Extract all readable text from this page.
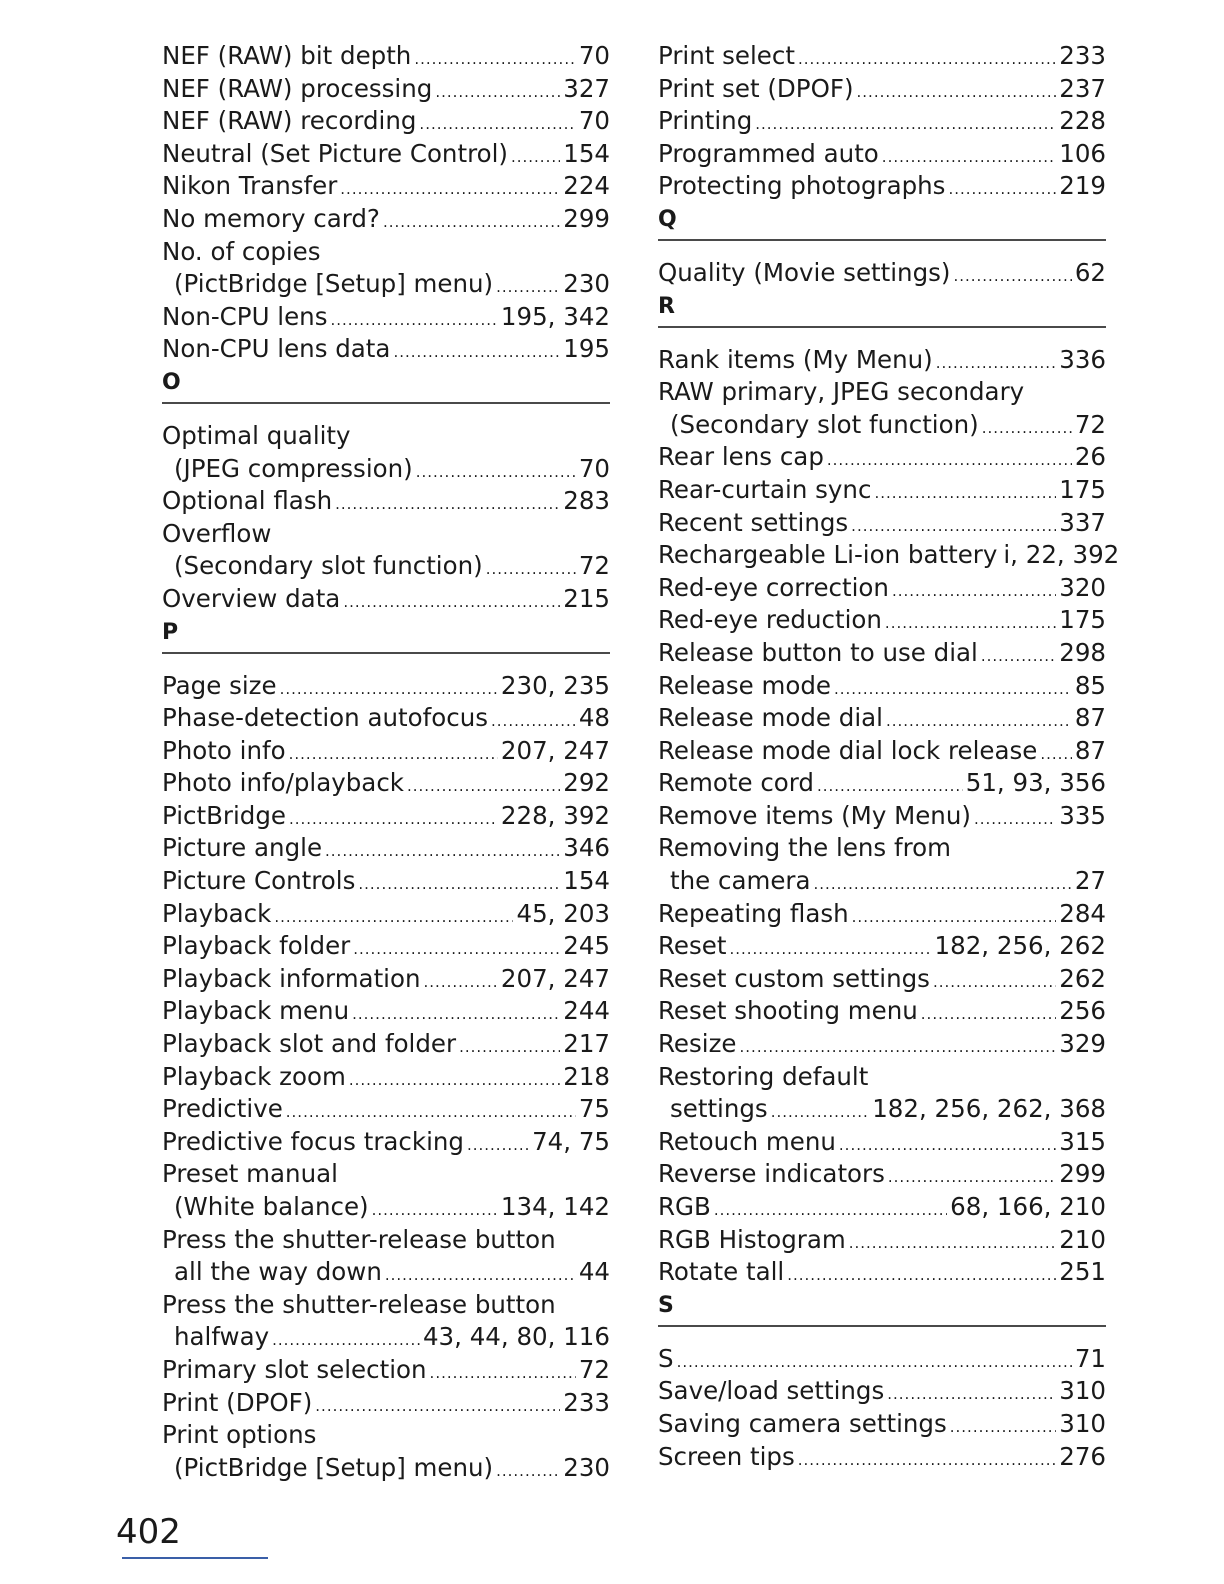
NEF (RAW) bit depth .....	70
NEF (RAW) processing .....	327
NEF (RAW) recording .....	70
Neutral (Set Picture Control) ..... 154
Nikon Transfer .....	224
No memory card? .....	299
No. of copies
(PictBridge [Setup] menu) .....	230
Non-CPU lens .....	195, 342
Non-CPU lens data .....	195
O
Optimal quality
(JPEG compression) .....	70
Optional flash .....	283
Overflow
(Secondary slot function) .....	72
Overview data .....	215
P
Page size .....	230, 235
Phase-detection autofocus .....	48
Photo info .....	207, 247
Photo info/playback .....	292
PictBridge .....	228, 392
Picture angle .....	346
Picture Controls .....	154
Playback .....	45, 203
Playback folder .....	245
Playback information .....	207, 247
Playback menu .....	244
Playback slot and folder .....	217
Playback zoom .....	218
Predictive .....	75
Predictive focus tracking .....	74, 75
Preset manual
(White balance) .....	134, 142
Press the shutter-release button
all the way down .....	44
Press the shutter-release button
halfway .....	43, 44, 80, 116
Primary slot selection .....	72
Print (DPOF) .....	233
Print options
(PictBridge [Setup] menu) .....	230
Print select .....	233
Print set (DPOF) .....	237
Printing .....	228
Programmed auto .....	106
Protecting photographs .....	219
Q
Quality (Movie settings) .....	62
R
Rank items (My Menu) .....	336
RAW primary, JPEG secondary
(Secondary slot function) .....	72
Rear lens cap .....	26
Rear-curtain sync .....	175
Recent settings .....	337
Rechargeable Li-ion battery i, 22, 392
Red-eye correction .....	320
Red-eye reduction .....	175
Release button to use dial .....	298
Release mode .....	85
Release mode dial .....	87
Release mode dial lock release ..... 87
Remote cord .....	51, 93, 356
Remove items (My Menu) .....	335
Removing the lens from
the camera .....	27
Repeating flash .....	284
Reset .....	182, 256, 262
Reset custom settings .....	262
Reset shooting menu .....	256
Resize .....	329
Restoring default
settings .....	182, 256, 262, 368
Retouch menu .....	315
Reverse indicators .....	299
RGB .....	68, 166, 210
RGB Histogram .....	210
Rotate tall .....	251
S
S .....	71
Save/load settings .....	310
Saving camera settings .....	310
Screen tips .....	276
402
